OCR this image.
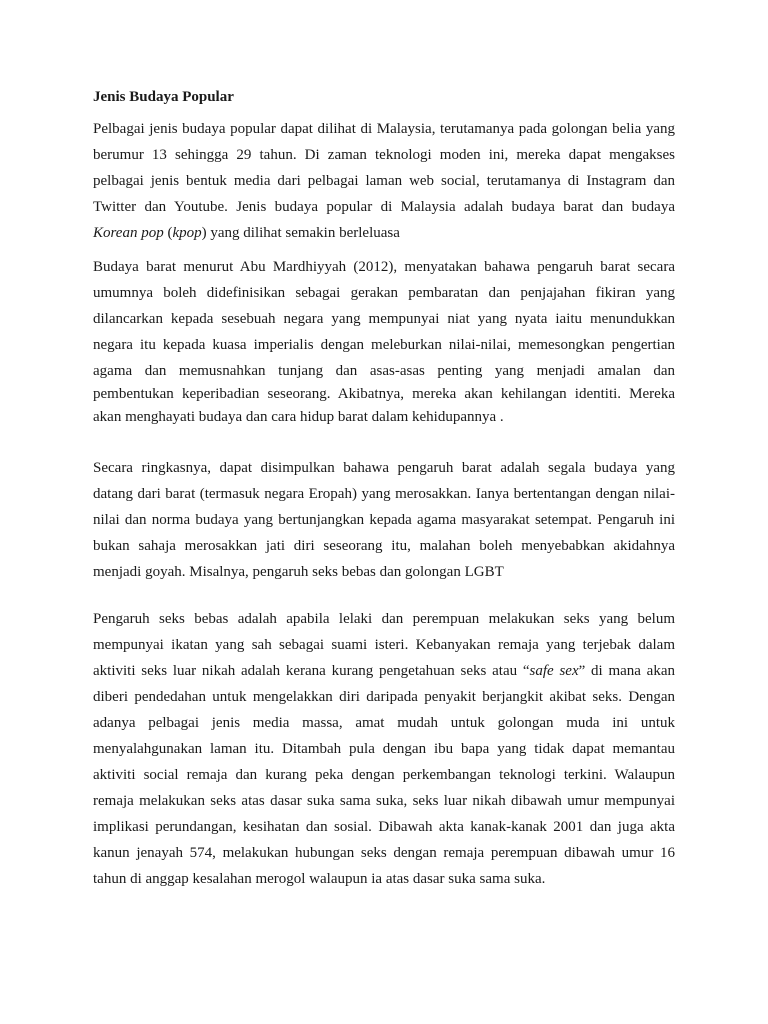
Jenis Budaya Popular
Pelbagai jenis budaya popular dapat dilihat di Malaysia, terutamanya pada golongan belia yang
berumur 13 sehingga 29 tahun. Di zaman teknologi moden ini, mereka dapat mengakses
pelbagai jenis bentuk media dari pelbagai laman web social, terutamanya di Instagram dan
Twitter dan Youtube. Jenis budaya popular di Malaysia adalah budaya barat dan budaya
Korean pop (kpop) yang dilihat semakin berleluasa
Budaya barat menurut Abu Mardhiyyah (2012), menyatakan bahawa pengaruh barat secara
umumnya boleh didefinisikan sebagai gerakan pembaratan dan penjajahan fikiran yang
dilancarkan kepada sesebuah negara yang mempunyai niat yang nyata iaitu menundukkan
negara itu kepada kuasa imperialis dengan meleburkan nilai-nilai, memesongkan pengertian
agama dan memusnahkan tunjang dan asas-asas penting yang menjadi amalan dan
pembentukan keperibadian seseorang. Akibatnya, mereka akan kehilangan identiti. Mereka
akan menghayati budaya dan cara hidup barat dalam kehidupannya .
Secara ringkasnya, dapat disimpulkan bahawa pengaruh barat adalah segala budaya yang
datang dari barat (termasuk negara Eropah) yang merosakkan. Ianya bertentangan dengan nilai-
nilai dan norma budaya yang bertunjangkan kepada agama masyarakat setempat. Pengaruh ini
bukan sahaja merosakkan jati diri seseorang itu, malahan boleh menyebabkan akidahnya
menjadi goyah. Misalnya, pengaruh seks bebas dan golongan LGBT
Pengaruh seks bebas adalah apabila lelaki dan perempuan melakukan seks yang belum
mempunyai ikatan yang sah sebagai suami isteri. Kebanyakan remaja yang terjebak dalam
aktiviti seks luar nikah adalah kerana kurang pengetahuan seks atau “safe sex” di mana akan
diberi pendedahan untuk mengelakkan diri daripada penyakit berjangkit akibat seks. Dengan
adanya pelbagai jenis media massa, amat mudah untuk golongan muda ini untuk
menyalahgunakan laman itu. Ditambah pula dengan ibu bapa yang tidak dapat memantau
aktiviti social remaja dan kurang peka dengan perkembangan teknologi terkini. Walaupun
remaja melakukan seks atas dasar suka sama suka, seks luar nikah dibawah umur mempunyai
implikasi perundangan, kesihatan dan sosial. Dibawah akta kanak-kanak 2001 dan juga akta
kanun jenayah 574, melakukan hubungan seks dengan remaja perempuan dibawah umur 16
tahun di anggap kesalahan merogol walaupun ia atas dasar suka sama suka.
